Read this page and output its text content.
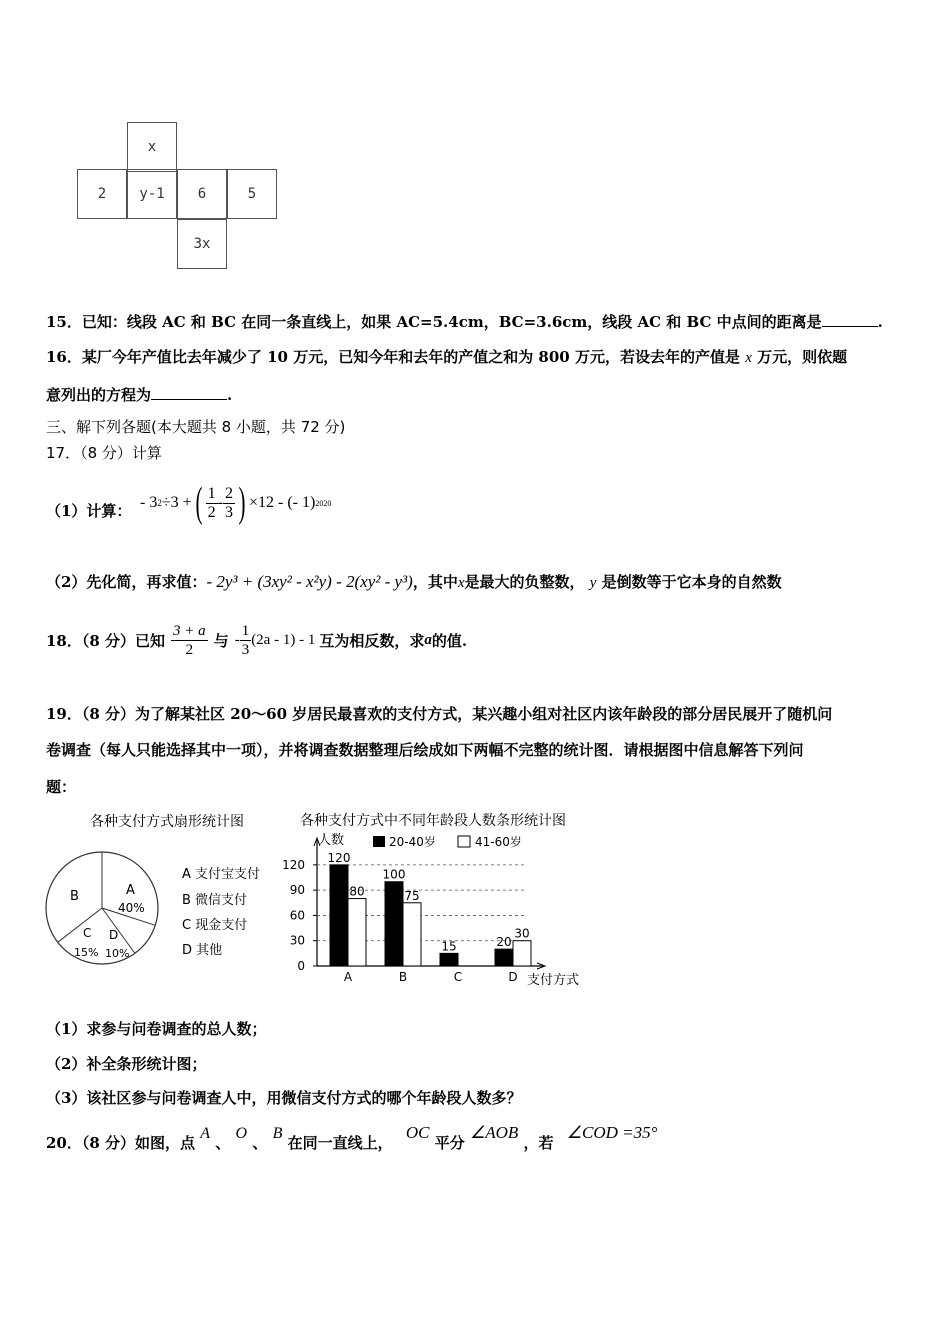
x
2	y-1	6	5
3x
15．已知：线段 AC 和 BC 在同一条直线上，如果 AC=5.4cm，BC=3.6cm，线段 AC 和 BC 中点间的距离是	.
16．某厂今年产值比去年减少了 10 万元，已知今年和去年的产值之和为 800 万元，若设去年的产值是 x 万元，则依题
意列出的方程为	.
三、解下列各题(本大题共 8 小题，共 72 分)
17．（8 分）计算
（1）计算： - 3 2 ÷3 + ( $\frac{1}{2} - \frac{2}{3}$ ) ×12 - (- 1) 2020
（2）先化简，再求值：- 2y³ + (3xy² - x²y) - 2(xy² - y³)，其中x是最大的负整数， y 是倒数等于它本身的自然数
18．（8 分）已知 $\frac{3 + a}{2}$ 与 - $\frac{1}{3} (2a - 1) - 1$ 互为相反数，求 a 的值.
19．（8 分）为了解某社区 20～60 岁居民最喜欢的支付方式，某兴趣小组对社区内该年龄段的部分居民展开了随机问
卷调查（每人只能选择其中一项），并将调查数据整理后绘成如下两幅不完整的统计图．请根据图中信息解答下列问
题：
各种支付方式扇形统计图
A
40%
B
C
15%
D
10%
A 支付宝支付
B 微信支付
C 现金支付
D 其他
各种支付方式中不同年龄段人数条形统计图
人数	20-40岁	41-60岁
支付方式
0
30
60
90
120 120
80
A
100
75
B
15
C
20
30
D
（1）求参与问卷调查的总人数；
（2）补全条形统计图；
（3）该社区参与问卷调查人中，用微信支付方式的哪个年龄段人数多？
20．（8 分）如图，点 A 、 O 、 B 在同一直线上， OC 平分 ∠AOB ，若 ∠COD =35°
